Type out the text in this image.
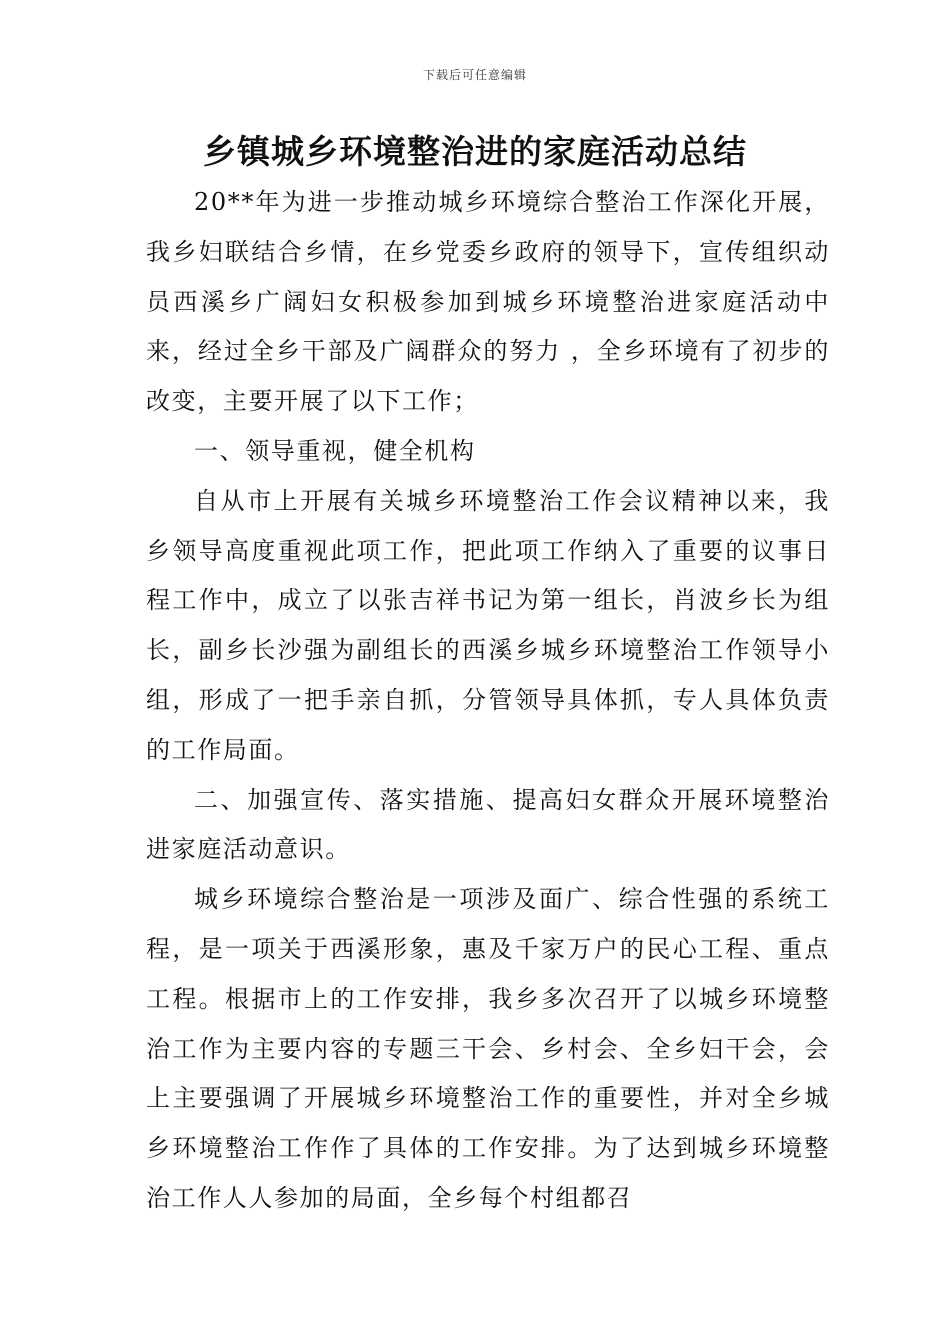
下载后可任意编辑
乡镇城乡环境整治进的家庭活动总结

20**年为进一步推动城乡环境综合整治工作深化开展，我乡妇联结合乡情，在乡党委乡政府的领导下，宣传组织动员西溪乡广阔妇女积极参加到城乡环境整治进家庭活动中来，经过全乡干部及广阔群众的努力 ，全乡环境有了初步的改变，主要开展了以下工作；

一、领导重视，健全机构

自从市上开展有关城乡环境整治工作会议精神以来，我乡领导高度重视此项工作，把此项工作纳入了重要的议事日程工作中，成立了以张吉祥书记为第一组长，肖波乡长为组长，副乡长沙强为副组长的西溪乡城乡环境整治工作领导小组，形成了一把手亲自抓，分管领导具体抓，专人具体负责的工作局面。

二、加强宣传、落实措施、提高妇女群众开展环境整治进家庭活动意识。

城乡环境综合整治是一项涉及面广、综合性强的系统工程，是一项关于西溪形象，惠及千家万户的民心工程、重点工程。根据市上的工作安排，我乡多次召开了以城乡环境整治工作为主要内容的专题三干会、乡村会、全乡妇干会，会上主要强调了开展城乡环境整治工作的重要性，并对全乡城乡环境整治工作作了具体的工作安排。为了达到城乡环境整治工作人人参加的局面，全乡每个村组都召
